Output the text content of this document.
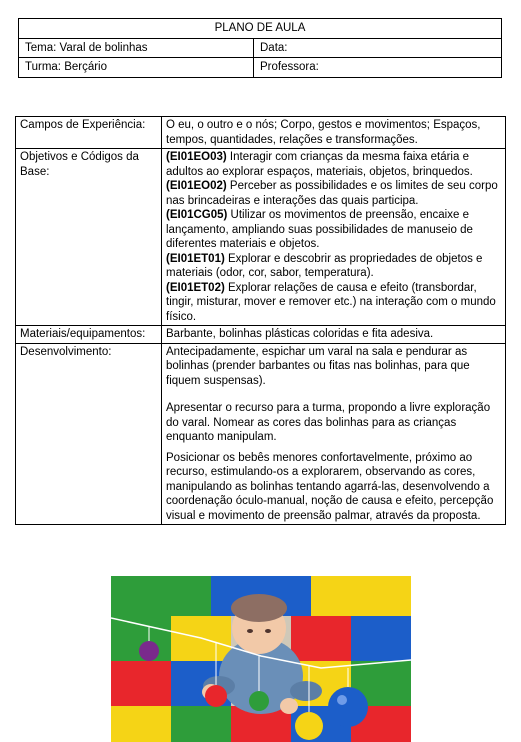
PLANO DE AULA	
Tema: Varal de bolinhas	Data:
Turma: Berçário	Professora:
Campos de Experiência:	O eu, o outro e o nós; Corpo, gestos e movimentos; Espaços, tempos, quantidades, relações e transformações.
Objetivos e Códigos da Base:	(EI01EO03) Interagir com crianças da mesma faixa etária e adultos ao explorar espaços, materiais, objetos, brinquedos.
(EI01EO02) Perceber as possibilidades e os limites de seu corpo nas brincadeiras e interações das quais participa.
(EI01CG05) Utilizar os movimentos de preensão, encaixe e lançamento, ampliando suas possibilidades de manuseio de diferentes materiais e objetos.
(EI01ET01) Explorar e descobrir as propriedades de objetos e materiais (odor, cor, sabor, temperatura).
(EI01ET02) Explorar relações de causa e efeito (transbordar, tingir, misturar, mover e remover etc.) na interação com o mundo físico.

Materiais/equipamentos:	Barbante, bolinhas plásticas coloridas e fita adesiva.
Desenvolvimento:	Antecipadamente, espichar um varal na sala e pendurar as bolinhas (prender barbantes ou fitas nas bolinhas, para que fiquem suspensas).

Apresentar o recurso para a turma, propondo a livre exploração do varal. Nomear as cores das bolinhas para as crianças enquanto manipulam.

Posicionar os bebês menores confortavelmente, próximo ao recurso, estimulando-os a explorarem, observando as cores, manipulando as bolinhas tentando agarrá-las, desenvolvendo a coordenação óculo-manual, noção de causa e efeito, percepção visual e movimento de preensão palmar, através da proposta.
